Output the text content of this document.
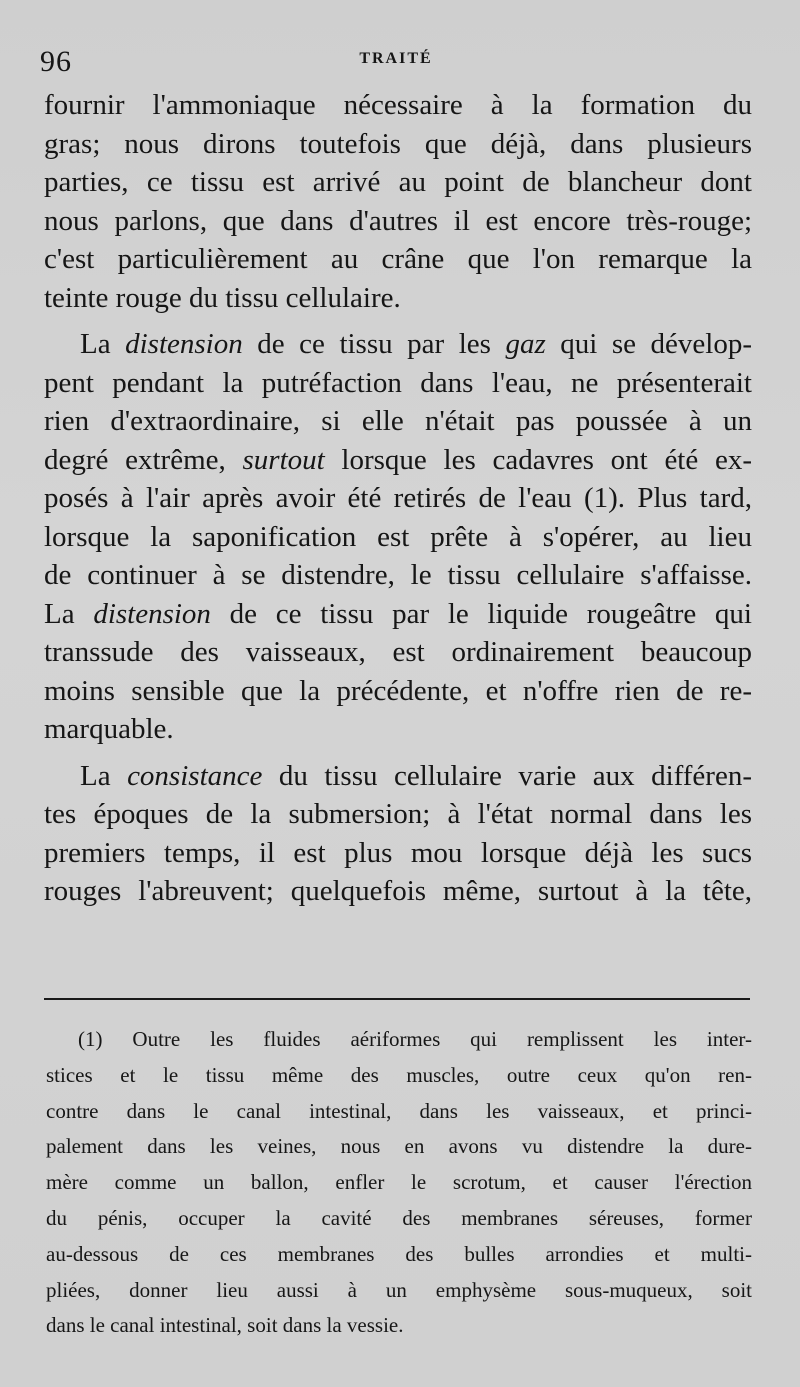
96	TRAITÉ
fournir l'ammoniaque nécessaire à la formation du
gras; nous dirons toutefois que déjà, dans plusieurs
parties, ce tissu est arrivé au point de blancheur dont
nous parlons, que dans d'autres il est encore très-rouge;
c'est particulièrement au crâne que l'on remarque la
teinte rouge du tissu cellulaire.
La distension de ce tissu par les gaz qui se dévelop-
pent pendant la putréfaction dans l'eau, ne présenterait
rien d'extraordinaire, si elle n'était pas poussée à un
degré extrême, surtout lorsque les cadavres ont été ex-
posés à l'air après avoir été retirés de l'eau (1). Plus tard,
lorsque la saponification est prête à s'opérer, au lieu
de continuer à se distendre, le tissu cellulaire s'affaisse.
La distension de ce tissu par le liquide rougeâtre qui
transsude des vaisseaux, est ordinairement beaucoup
moins sensible que la précédente, et n'offre rien de re-
marquable.
La consistance du tissu cellulaire varie aux différen-
tes époques de la submersion; à l'état normal dans les
premiers temps, il est plus mou lorsque déjà les sucs
rouges l'abreuvent; quelquefois même, surtout à la tête,
(1) Outre les fluides aériformes qui remplissent les inter-
stices et le tissu même des muscles, outre ceux qu'on ren-
contre dans le canal intestinal, dans les vaisseaux, et princi-
palement dans les veines, nous en avons vu distendre la dure-
mère comme un ballon, enfler le scrotum, et causer l'érection
du pénis, occuper la cavité des membranes séreuses, former
au-dessous de ces membranes des bulles arrondies et multi-
pliées, donner lieu aussi à un emphysème sous-muqueux, soit
dans le canal intestinal, soit dans la vessie.
